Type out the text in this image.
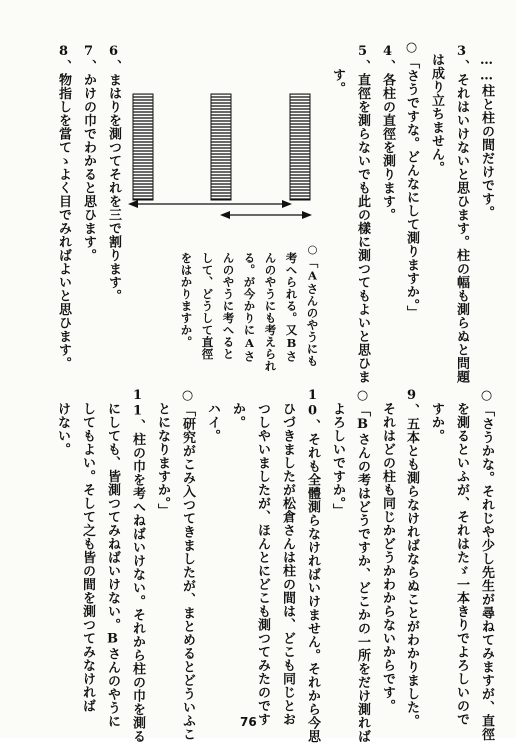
……柱と柱の間だけです。
3、それはいけないと思ひます。柱の幅も測らぬと問題
は成り立ちません。
○「さうですな。どんなにして測りますか。」
4、各柱の直徑を測ります。
5、直徑を測らないでも此の樣に測つてもよいと思ひま
す。
○「Aさんのやうにも
考へられる。又Bさ
んのやうにも考えられ
る。が今かりにAさ
んのやうに考へると
して、どうして直徑
をはかりますか。
6、まはりを測つてそれを三で割ります。
7、かけの巾でわかると思ひます。
8、物指しを當てゝよく目でみればよいと思ひます。
○「さうかな。それじや少し先生が尋ねてみますが、直徑
を測るといふが、それはたゞ一本きりでよろしいので
すか。
9、五本とも測らなければならぬことがわかりました。
それはどの柱も同じかどうかわからないからです。
○「Bさんの考はどうですか、どこかの一所をだけ測れば
よろしいですか。」
10、それも全體測らなければいけません。それから今思
ひづきましたが松倉さんは柱の間は、どこも同じとお
つしやいましたが、ほんとにどこも測つてみたのです
か。
ハイ。
○「研究がこみ入つてきましたが、まとめるとどういふこ
とになりますか。」
11、柱の巾を考へねばいけない。それから柱の巾を測る
にしても、皆測つてみねばいけない。Bさんのやうに
してもよい。そして之も皆の間を測つてみなければ
けない。
76
